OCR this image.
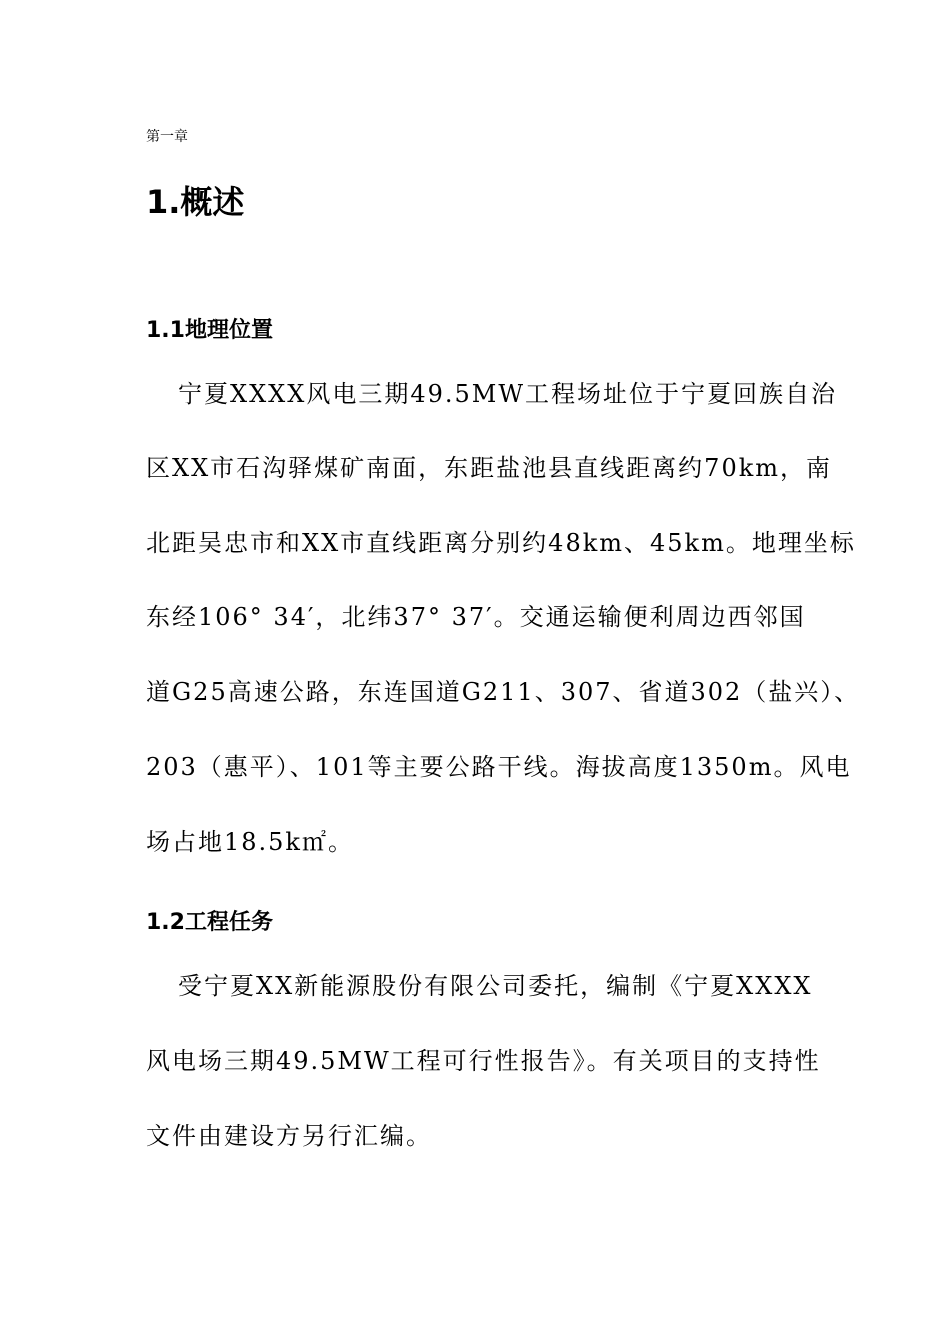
第一章
1.概述
1.1地理位置
宁夏XXXX风电三期49.5MW工程场址位于宁夏回族自治
区XX市石沟驿煤矿南面，东距盐池县直线距离约70km，南
北距吴忠市和XX市直线距离分别约48km、45km。地理坐标
东经106° 34′，北纬37° 37′。交通运输便利周边西邻国
道G25高速公路，东连国道G211、307、省道302（盐兴）、
203（惠平）、101等主要公路干线。海拔高度1350m。风电
场占地18.5k㎡。
1.2工程任务
受宁夏XX新能源股份有限公司委托，编制《宁夏XXXX
风电场三期49.5MW工程可行性报告》。有关项目的支持性
文件由建设方另行汇编。
